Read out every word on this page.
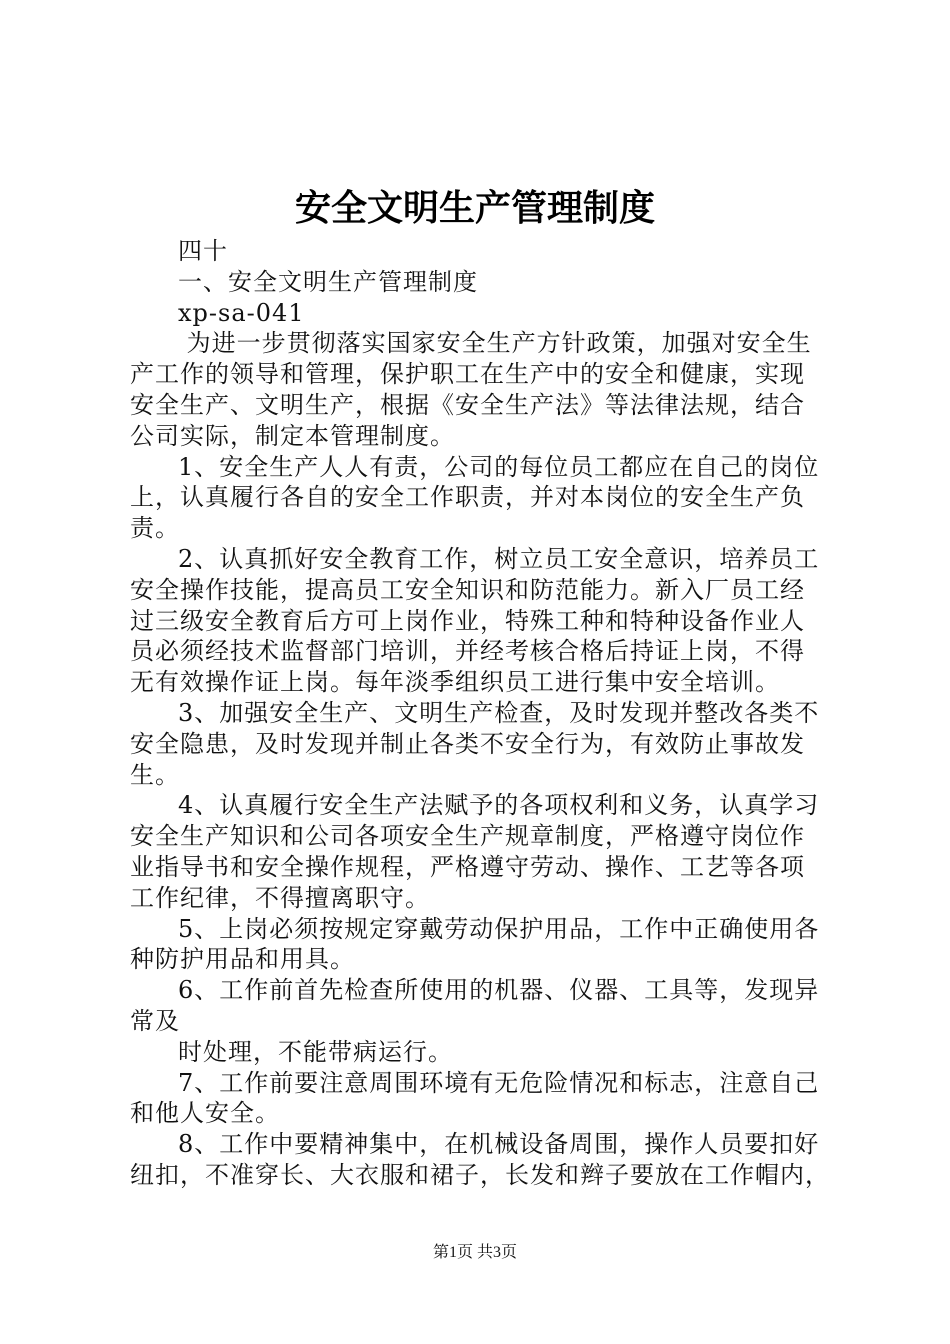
安全文明生产管理制度
四十
一、安全文明生产管理制度
xp-sa-041
为进一步贯彻落实国家安全生产方针政策，加强对安全生
产工作的领导和管理，保护职工在生产中的安全和健康，实现
安全生产、文明生产，根据《安全生产法》等法律法规，结合
公司实际，制定本管理制度。
1、安全生产人人有责，公司的每位员工都应在自己的岗位
上，认真履行各自的安全工作职责，并对本岗位的安全生产负
责。
2、认真抓好安全教育工作，树立员工安全意识，培养员工
安全操作技能，提高员工安全知识和防范能力。新入厂员工经
过三级安全教育后方可上岗作业，特殊工种和特种设备作业人
员必须经技术监督部门培训，并经考核合格后持证上岗，不得
无有效操作证上岗。每年淡季组织员工进行集中安全培训。
3、加强安全生产、文明生产检查，及时发现并整改各类不
安全隐患，及时发现并制止各类不安全行为，有效防止事故发
生。
4、认真履行安全生产法赋予的各项权利和义务，认真学习
安全生产知识和公司各项安全生产规章制度，严格遵守岗位作
业指导书和安全操作规程，严格遵守劳动、操作、工艺等各项
工作纪律，不得擅离职守。
5、上岗必须按规定穿戴劳动保护用品，工作中正确使用各
种防护用品和用具。
6、工作前首先检查所使用的机器、仪器、工具等，发现异
常及
时处理，不能带病运行。
7、工作前要注意周围环境有无危险情况和标志，注意自己
和他人安全。
8、工作中要精神集中，在机械设备周围，操作人员要扣好
纽扣，不准穿长、大衣服和裙子，长发和辫子要放在工作帽内，
第1页 共3页
